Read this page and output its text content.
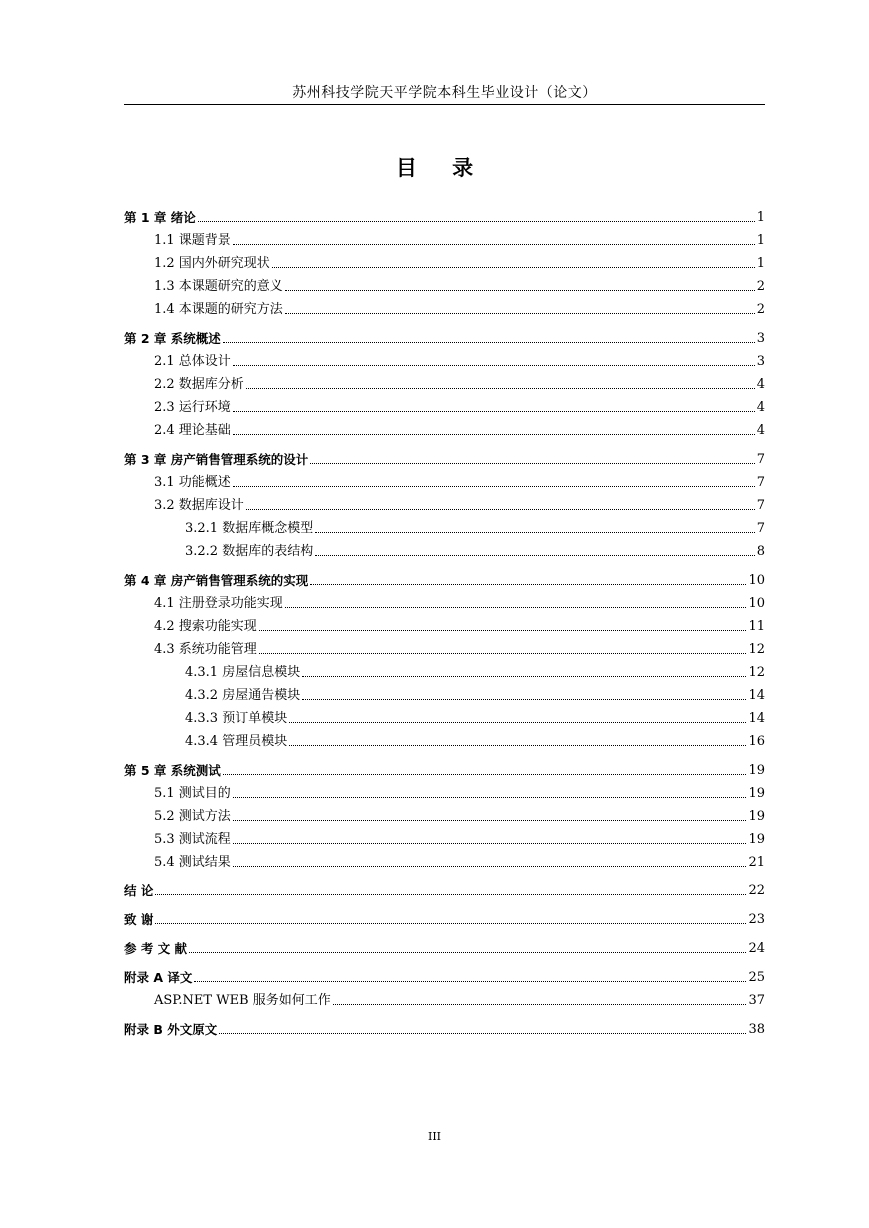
苏州科技学院天平学院本科生毕业设计（论文）
目 录
第 1 章 绪论	1
1.1 课题背景	1
1.2 国内外研究现状	1
1.3 本课题研究的意义	2
1.4 本课题的研究方法	2
第 2 章 系统概述	3
2.1 总体设计	3
2.2 数据库分析	4
2.3 运行环境	4
2.4 理论基础	4
第 3 章 房产销售管理系统的设计	7
3.1 功能概述	7
3.2 数据库设计	7
3.2.1 数据库概念模型	7
3.2.2 数据库的表结构	8
第 4 章 房产销售管理系统的实现	10
4.1 注册登录功能实现	10
4.2 搜索功能实现	11
4.3 系统功能管理	12
4.3.1 房屋信息模块	12
4.3.2 房屋通告模块	14
4.3.3 预订单模块	14
4.3.4 管理员模块	16
第 5 章 系统测试	19
5.1 测试目的	19
5.2 测试方法	19
5.3 测试流程	19
5.4 测试结果	21
结 论	22
致 谢	23
参 考 文 献	24
附录 A 译文	25
ASP.NET WEB 服务如何工作	37
附录 B 外文原文	38
III
